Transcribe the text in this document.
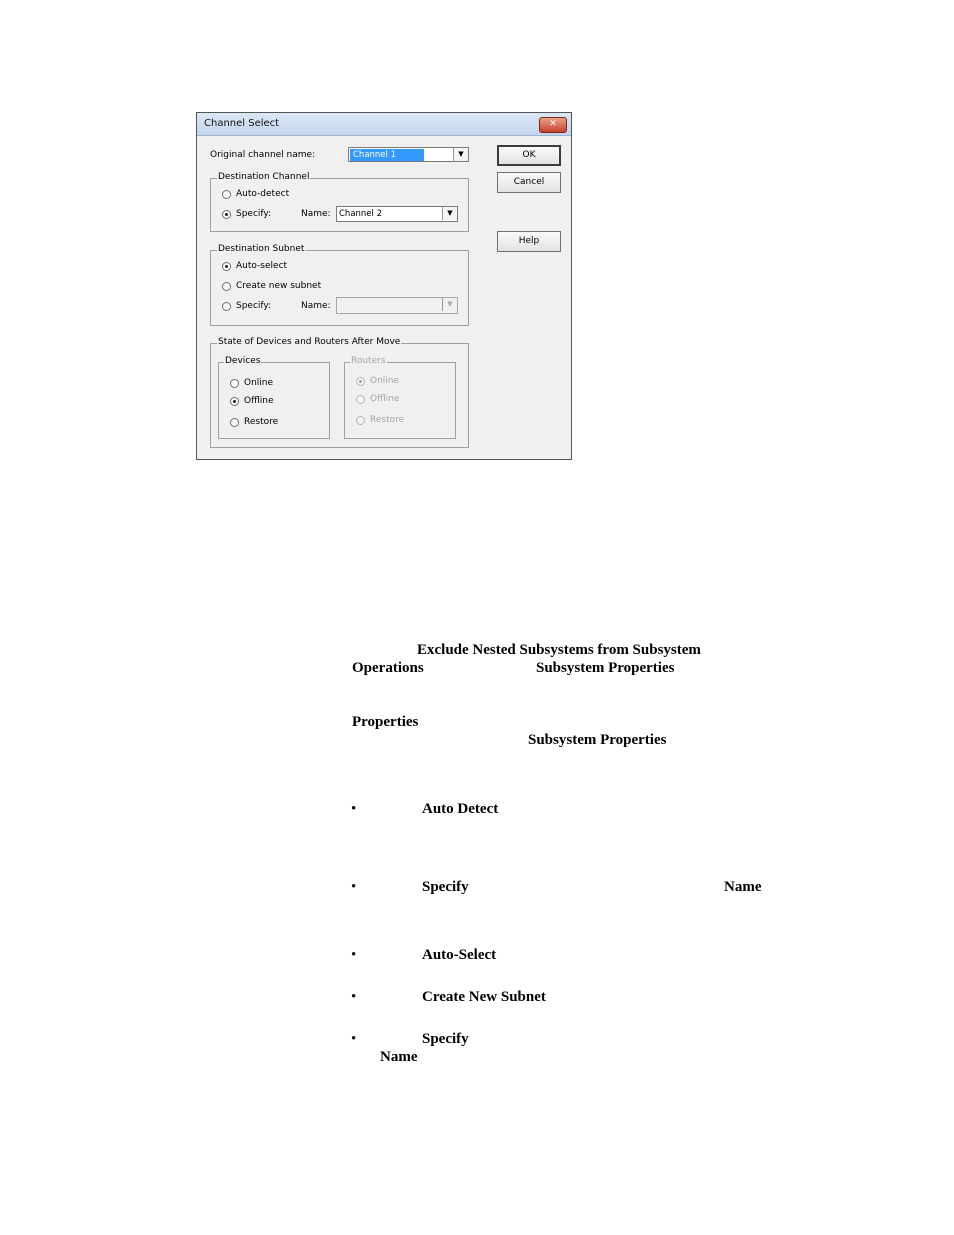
Channel Select	✕
Original channel name:	Channel 1	▼	OK
Cancel
Help
Destination Channel
Auto-detect
Specify:	Name: Channel 2	▼
Destination Subnet
Auto-select
Create new subnet
Specify:	Name:	▼
State of Devices and Routers After Move
Devices
Online
Offline
Restore
Routers
Online
Offline
Restore
Exclude Nested Subsystems from Subsystem
Operations	Subsystem Properties
Properties
Subsystem Properties
•	Auto Detect
•	Specify	Name
•	Auto-Select
•	Create New Subnet
•	Specify
Name
